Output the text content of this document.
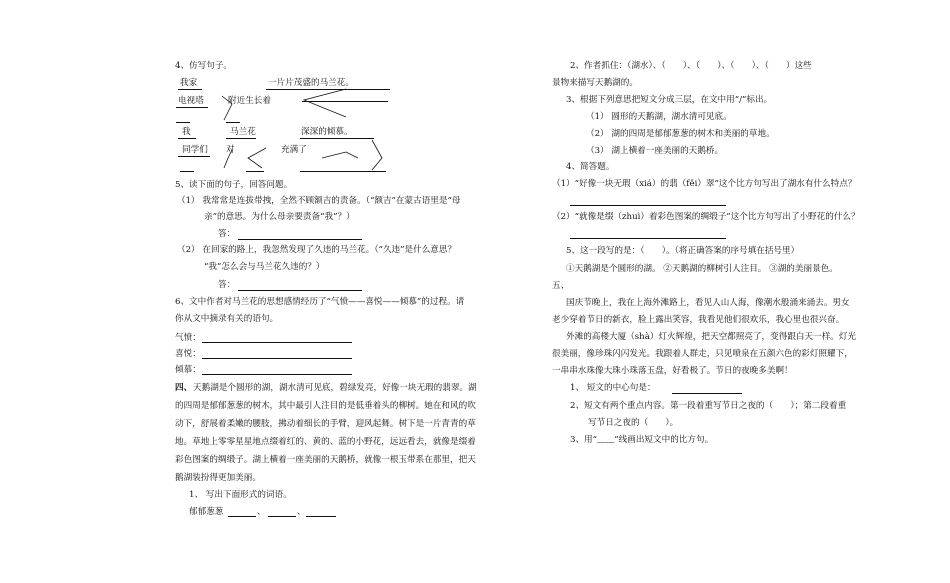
4、仿写句子。
我家	一片片茂盛的马兰花。
电视塔	附近生长着
我	马兰花	深深的倾慕。
同学们 对	充满了
5、读下面的句子，回答问题。
（1） 我常常是连拔带拽，全然不顾额吉的责备。（“额吉”在蒙古语里是“母
亲”的意思。为什么母亲要责备“我”？）
答：
（2） 在回家的路上，我忽然发现了久违的马兰花。（“久违”是什么意思？
“我”怎么会与马兰花久违的？）
答：
6、文中作者对马兰花的思想感情经历了“气愤——喜悦——倾慕”的过程。请
你从文中摘录有关的语句。
气愤：
喜悦：
倾慕：
四、 天鹅湖是个圆形的湖，湖水清可见底，碧绿发亮，好像一块无瑕的翡翠。湖
的四周是郁郁葱葱的树木，其中最引人注目的是低垂着头的柳树。她在和风的吹
动下，舒展着柔嫩的腰肢，拂动着细长的手臂，迎风起舞。树下是一片青青的草
地。草地上零零星星地点缀着红的、黄的、蓝的小野花，远远看去，就像是缀着
彩色图案的绸缎子。湖上横着一座美丽的天鹅桥，就像一根玉带系在那里，把天
鹅湖装扮得更加美丽。
1、 写出下面形式的词语。
郁郁葱葱	、	、
2、作者抓住：（湖水）、（　　）、（　　）、（　　）、（　　）这些
景物来描写天鹅湖的。
3、根据下列意思把短文分成三层，在文中用“/”标出。
（1） 圆形的天鹅湖，湖水清可见底。
（2） 湖的四周是郁郁葱葱的树木和美丽的草地。
（3） 湖上横着一座美丽的天鹅桥。
4、简答题。
（1）“好像一块无瑕（xiá）的翡（fěi）翠”这个比方句写出了湖水有什么特点？
（2）“就像是缀（zhuì）着彩色图案的绸缎子”这个比方句写出了小野花的什么？
5、这一段写的是：（　　）。（将正确答案的序号填在括号里）
①天鹅湖是个圆形的湖。 ②天鹅湖的柳树引人注目。 ③湖的美丽景色。
五、
国庆节晚上，我在上海外滩路上，看见人山人海，像潮水般涌来涌去。男女
老少穿着节日的新衣，脸上露出笑容，我看见他们很欢乐，我心里也很兴奋。
外滩的高楼大厦（shà）灯火辉煌，把天空都照亮了，变得跟白天一样。灯光
很美丽，像珍珠闪闪发光。我跟着人群走，只见喷泉在五颜六色的彩灯照耀下，
一串串水珠像大珠小珠落玉盘，好看极了。节日的夜晚多美啊！
1、 短文的中心句是：
2、短文有两个重点内容。第一段着重写节日之夜的（　　）；第二段着重
写节日之夜的（　　）。
3、用“﹏﹏”线画出短文中的比方句。
